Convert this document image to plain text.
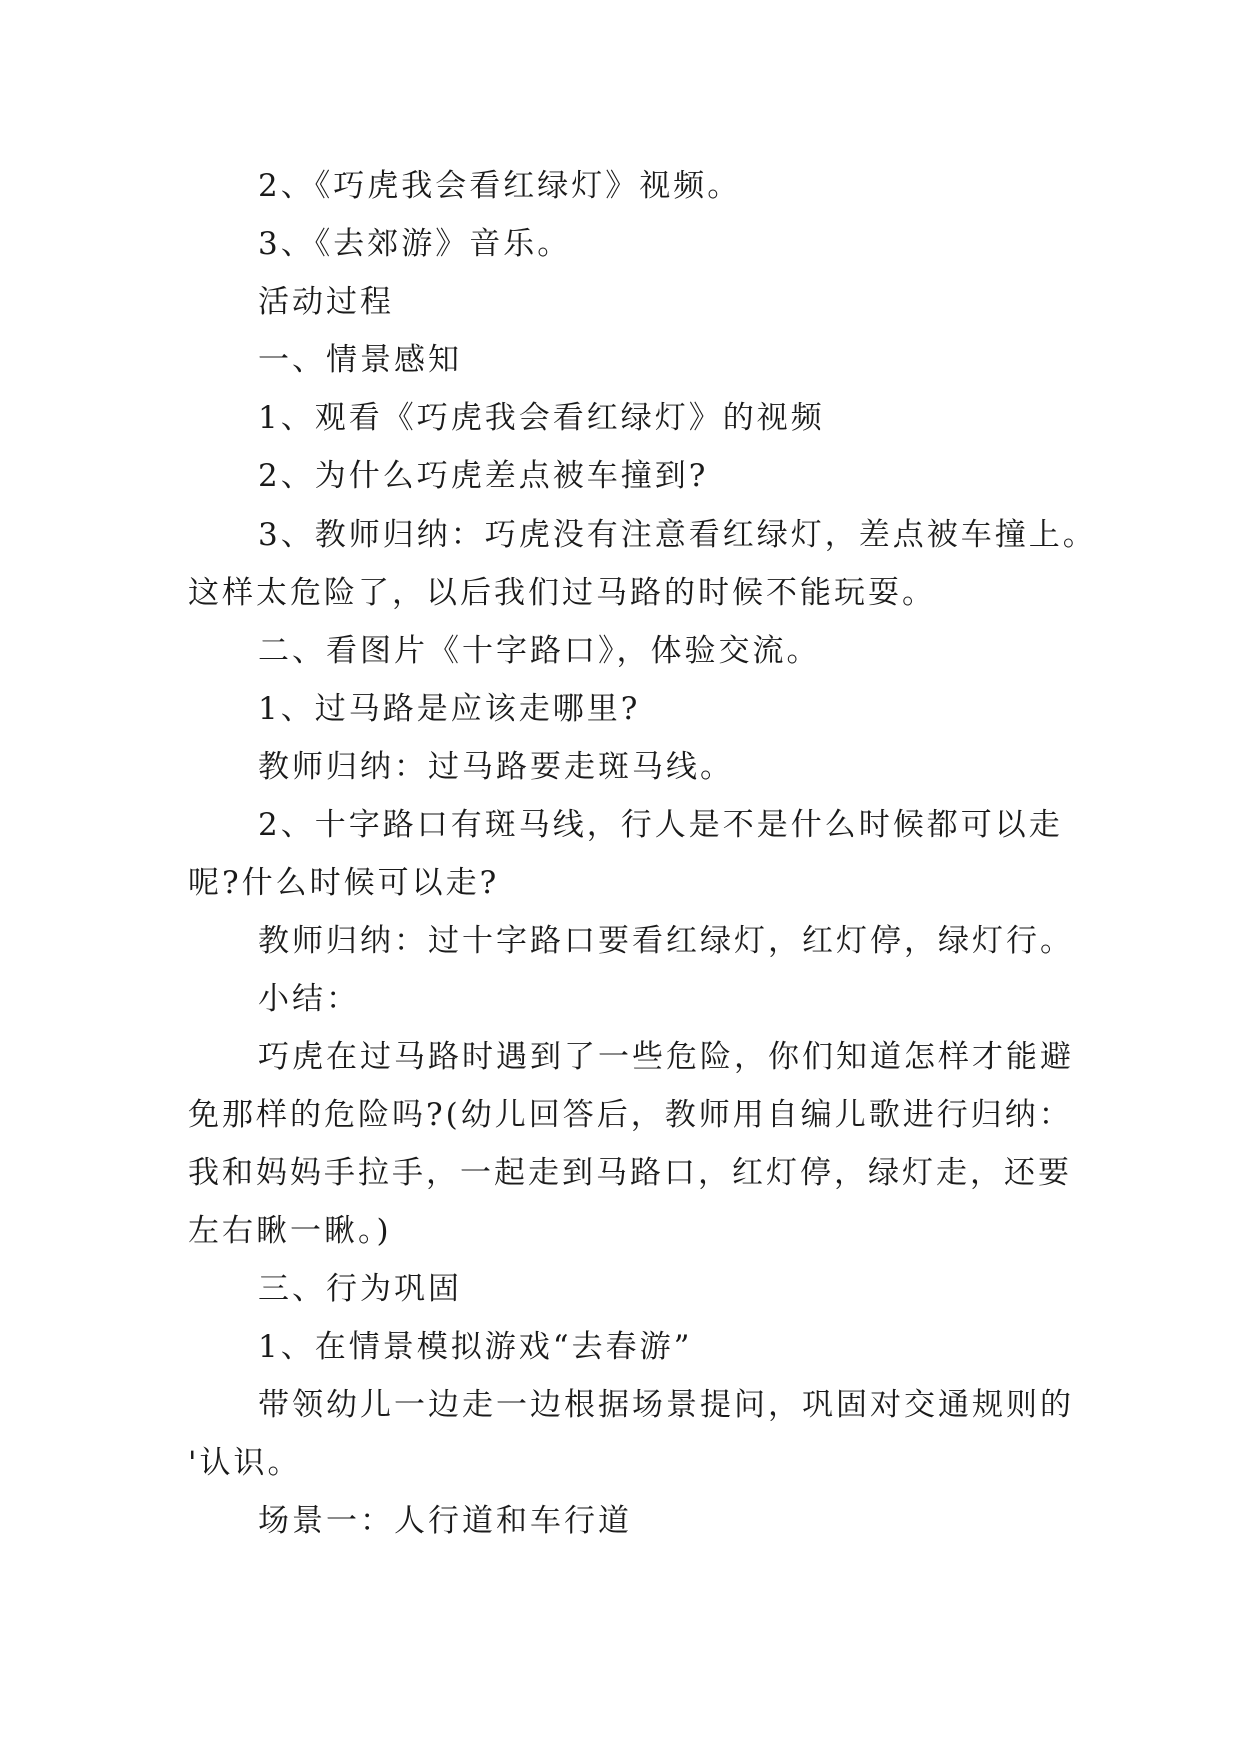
2、《巧虎我会看红绿灯》视频。

3、《去郊游》音乐。

活动过程

一、情景感知

1、观看《巧虎我会看红绿灯》的视频

2、为什么巧虎差点被车撞到?

3、教师归纳：巧虎没有注意看红绿灯，差点被车撞上。

这样太危险了，以后我们过马路的时候不能玩耍。

二、看图片《十字路口》，体验交流。

1、过马路是应该走哪里?

教师归纳：过马路要走斑马线。

2、十字路口有斑马线，行人是不是什么时候都可以走

呢?什么时候可以走?

教师归纳：过十字路口要看红绿灯，红灯停，绿灯行。

小结：

巧虎在过马路时遇到了一些危险，你们知道怎样才能避

免那样的危险吗?(幼儿回答后，教师用自编儿歌进行归纳：

我和妈妈手拉手，一起走到马路口，红灯停，绿灯走，还要

左右瞅一瞅。)

三、行为巩固

1、在情景模拟游戏“去春游”

带领幼儿一边走一边根据场景提问，巩固对交通规则的

'认识。

场景一：人行道和车行道
